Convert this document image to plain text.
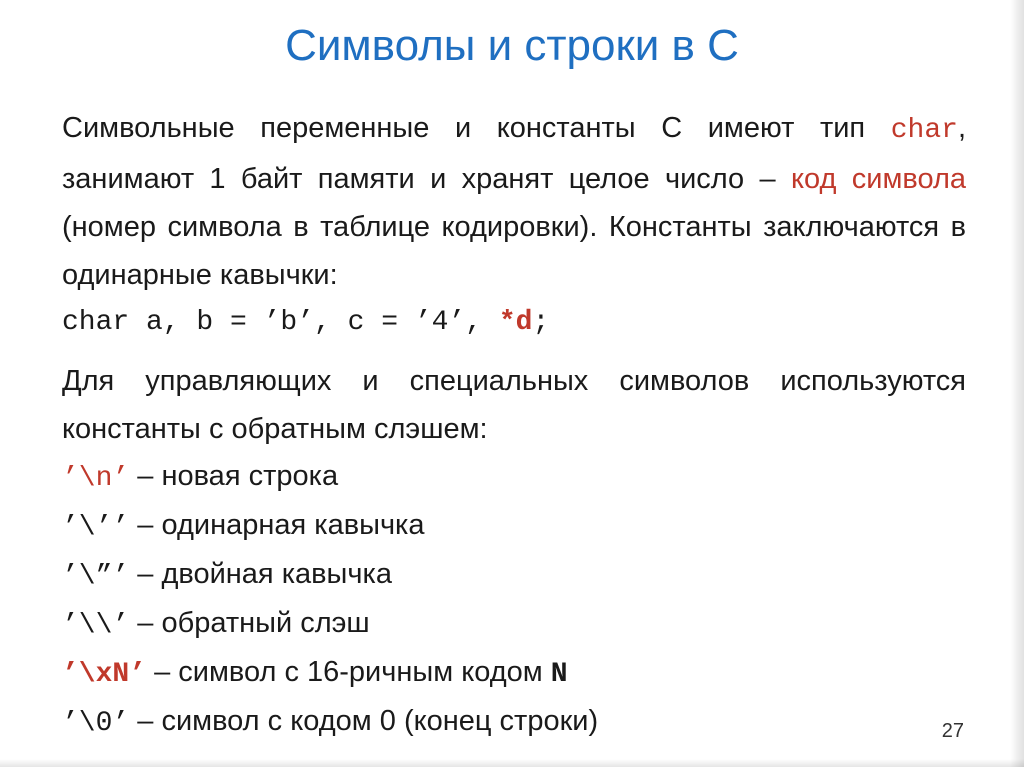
Символы и строки в С
Символьные переменные и константы С имеют тип char, занимают 1 байт памяти и хранят целое число – код символа (номер символа в таблице кодировки). Константы заключаются в одинарные кавычки:
char a, b = ’b’, c = ’4’, *d;
Для управляющих и специальных символов используются константы с обратным слэшем:
’\n’ – новая строка
’\’’ – одинарная кавычка
’\”’ – двойная кавычка
’\\’ – обратный слэш
’\xN’ – символ с 16-ричным кодом N
’\0’ – символ с кодом 0 (конец строки)	27
